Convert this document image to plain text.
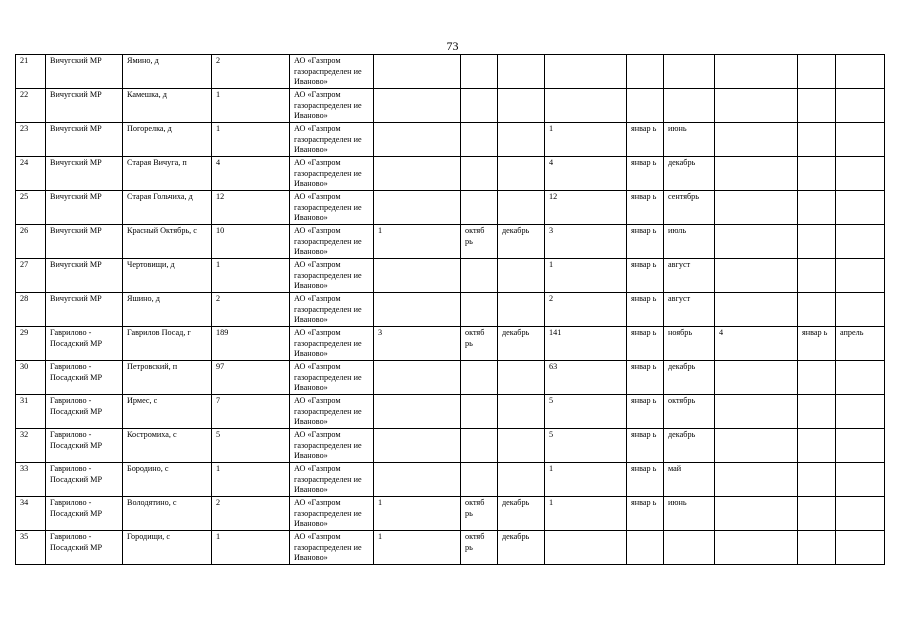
73
21	Вичугский МР	Ямино, д	2	АО «Газпром газораспределен ие Иваново»									
22	Вичугский МР	Камешка, д	1	АО «Газпром газораспределен ие Иваново»									
23	Вичугский МР	Погорелка, д	1	АО «Газпром газораспределен ие Иваново»				1	январ ь	июнь			
24	Вичугский МР	Старая Вичуга, п	4	АО «Газпром газораспределен ие Иваново»				4	январ ь	декабрь			
25	Вичугский МР	Старая Гольчиха, д	12	АО «Газпром газораспределен ие Иваново»				12	январ ь	сентябрь			
26	Вичугский МР	Красный Октябрь, с	10	АО «Газпром газораспределен ие Иваново»	1	октяб рь	декабрь	3	январ ь	июль			
27	Вичугский МР	Чертовищи, д	1	АО «Газпром газораспределен ие Иваново»				1	январ ь	август			
28	Вичугский МР	Яшино, д	2	АО «Газпром газораспределен ие Иваново»				2	январ ь	август			
29	Гаврилово - Посадский МР	Гаврилов Посад, г	189	АО «Газпром газораспределен ие Иваново»	3	октяб рь	декабрь	141	январ ь	ноябрь	4	январ ь	апрель
30	Гаврилово - Посадский МР	Петровский, п	97	АО «Газпром газораспределен ие Иваново»				63	январ ь	декабрь			
31	Гаврилово - Посадский МР	Ирмес, с	7	АО «Газпром газораспределен ие Иваново»				5	январ ь	октябрь			
32	Гаврилово - Посадский МР	Костромиха, с	5	АО «Газпром газораспределен ие Иваново»				5	январ ь	декабрь			
33	Гаврилово - Посадский МР	Бородино, с	1	АО «Газпром газораспределен ие Иваново»				1	январ ь	май			
34	Гаврилово - Посадский МР	Володятино, с	2	АО «Газпром газораспределен ие Иваново»	1	октяб рь	декабрь	1	январ ь	июнь			
35	Гаврилово - Посадский МР	Городищи, с	1	АО «Газпром газораспределен ие Иваново»	1	октяб рь	декабрь						
